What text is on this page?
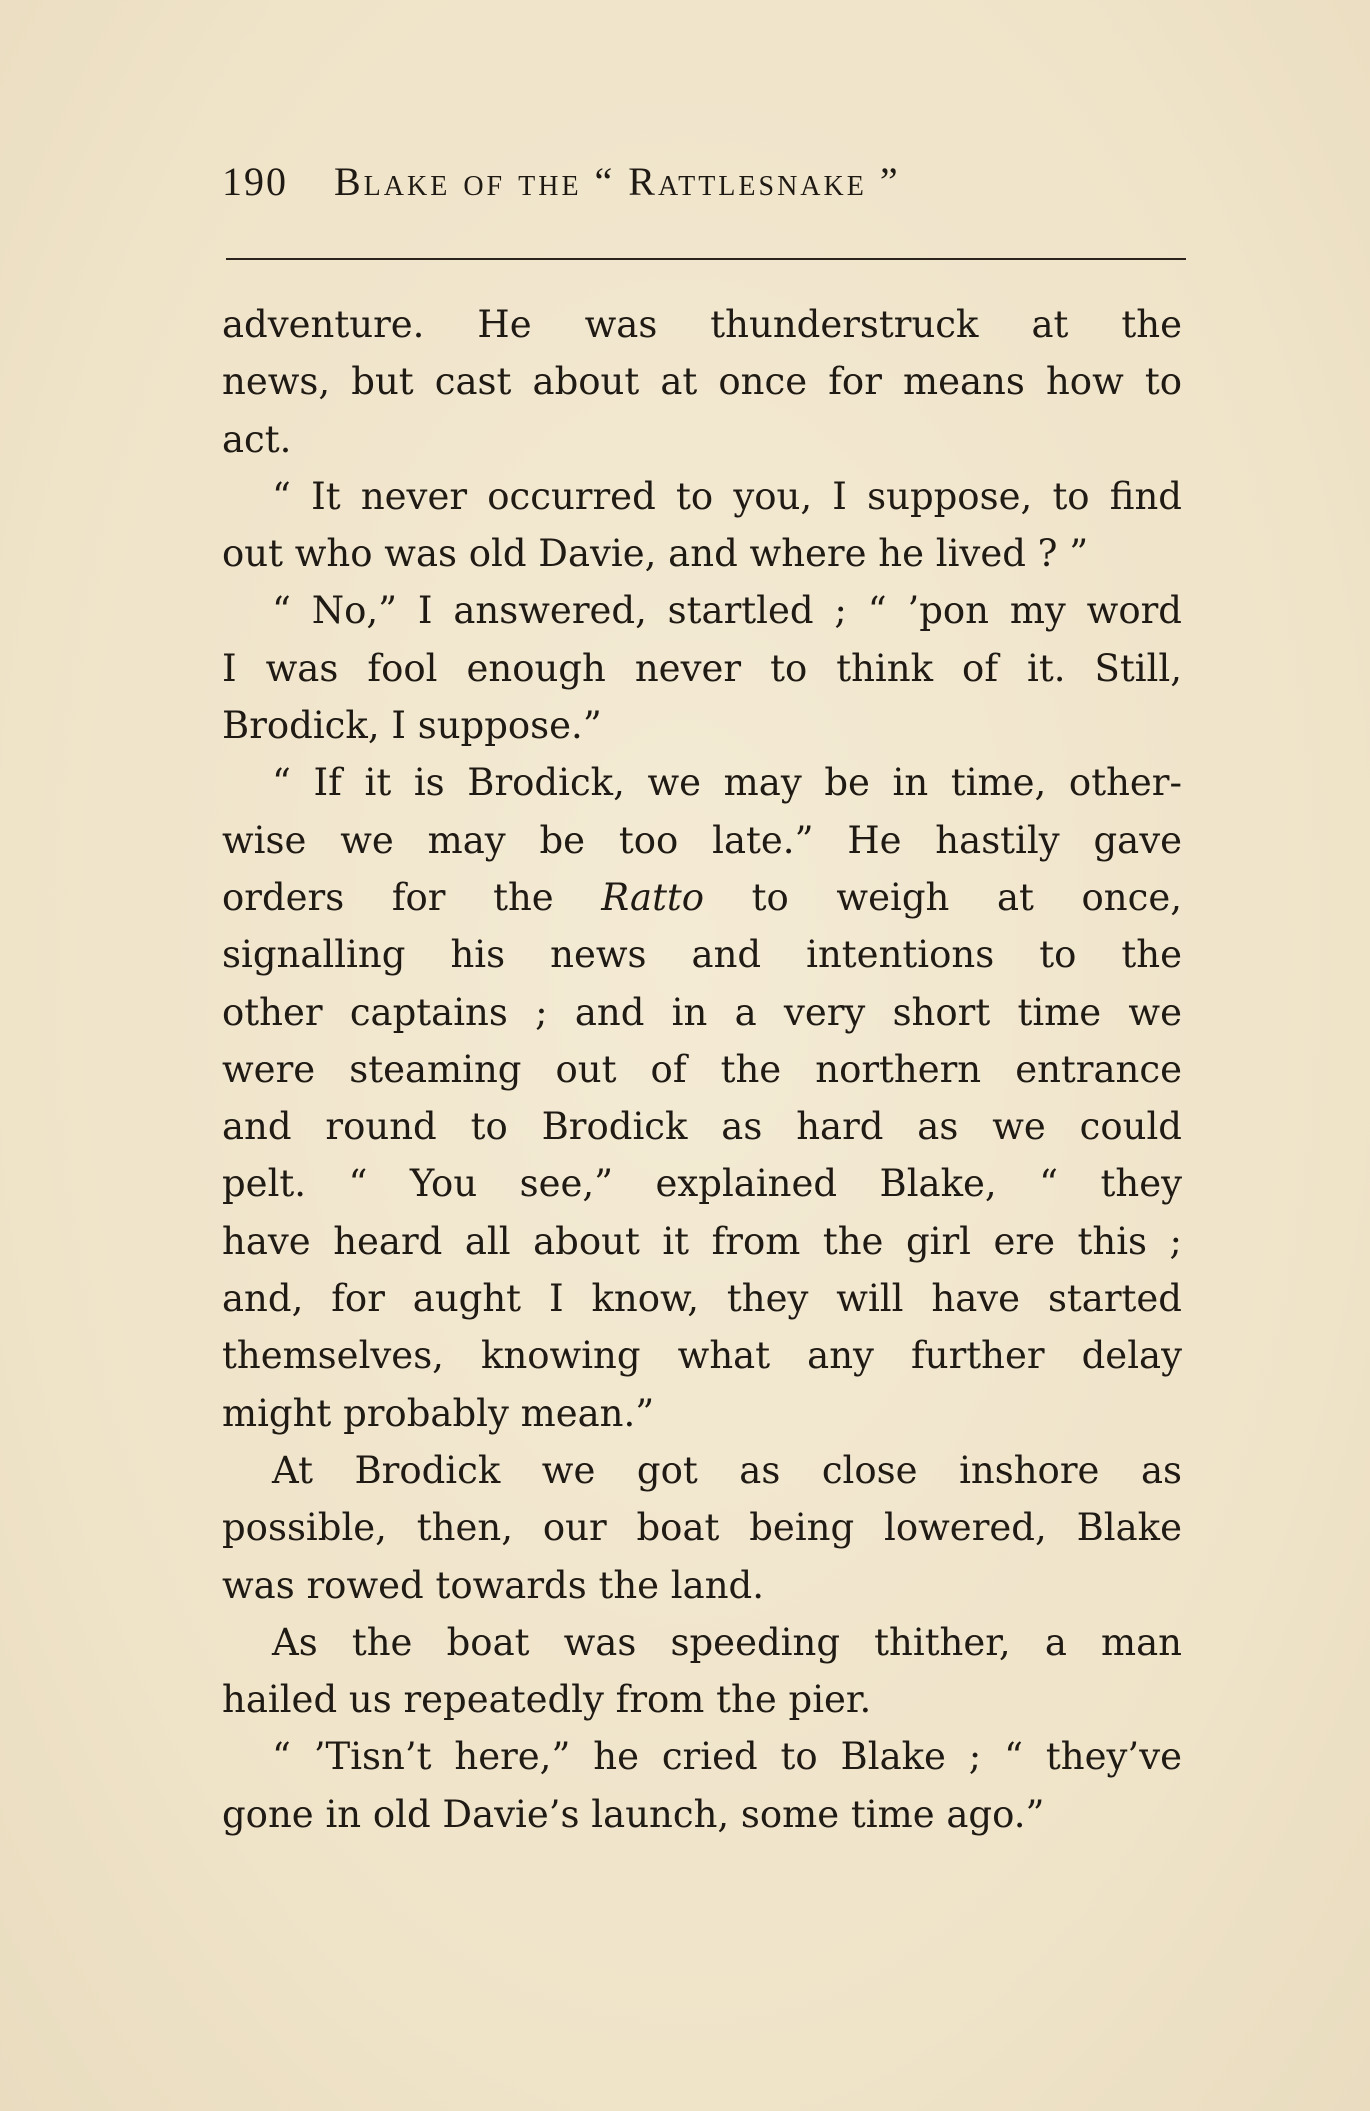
190 Blake of the “ Rattlesnake ”
adventure. He was thunderstruck at the
news, but cast about at once for means how to
act.
“ It never occurred to you, I suppose, to find
out who was old Davie, and where he lived ? ”
“ No,” I answered, startled ; “ ’pon my word
I was fool enough never to think of it. Still,
Brodick, I suppose.”
“ If it is Brodick, we may be in time, other-
wise we may be too late.” He hastily gave
orders for the Ratto to weigh at once,
signalling his news and intentions to the
other captains ; and in a very short time we
were steaming out of the northern entrance
and round to Brodick as hard as we could
pelt. “ You see,” explained Blake, “ they
have heard all about it from the girl ere this ;
and, for aught I know, they will have started
themselves, knowing what any further delay
might probably mean.”
At Brodick we got as close inshore as
possible, then, our boat being lowered, Blake
was rowed towards the land.
As the boat was speeding thither, a man
hailed us repeatedly from the pier.
“ ’Tisn’t here,” he cried to Blake ; “ they’ve
gone in old Davie’s launch, some time ago.”
